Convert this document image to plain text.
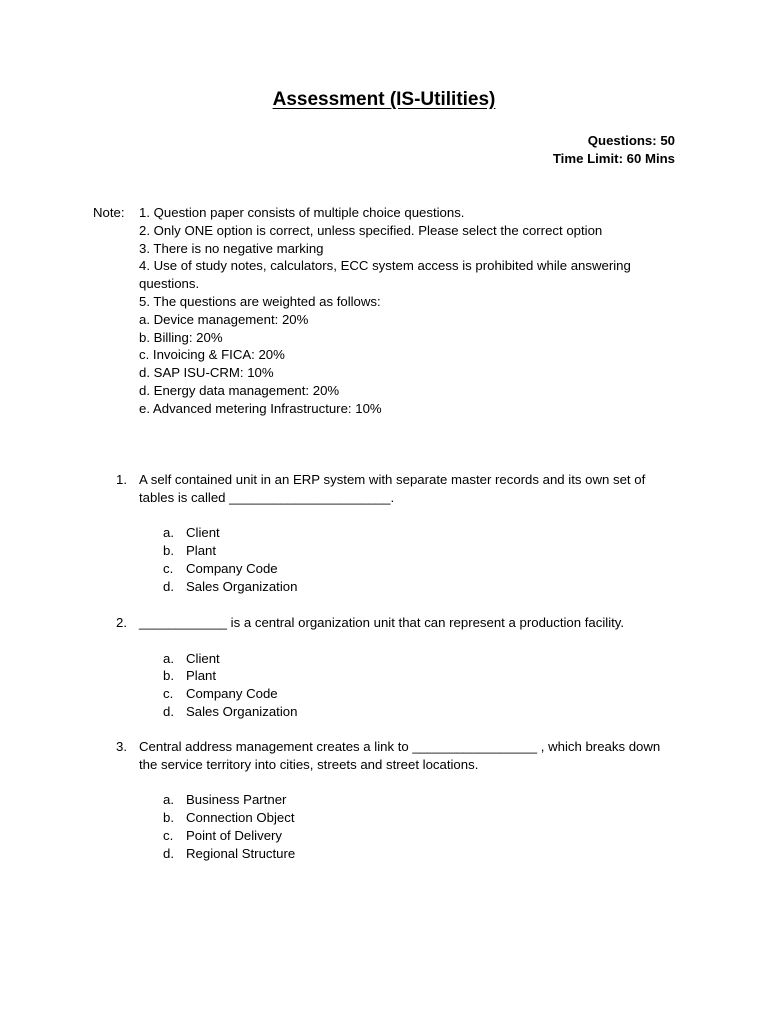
Assessment (IS-Utilities)
Questions: 50
Time Limit: 60 Mins
Note: 1. Question paper consists of multiple choice questions.
2. Only ONE option is correct, unless specified. Please select the correct option
3. There is no negative marking
4. Use of study notes, calculators, ECC system access is prohibited while answering
questions.
5. The questions are weighted as follows:
a. Device management: 20%
b. Billing: 20%
c. Invoicing & FICA: 20%
d. SAP ISU-CRM: 10%
d. Energy data management: 20%
e. Advanced metering Infrastructure: 10%
1. A self contained unit in an ERP system with separate master records and its own set of tables is called ______________________.
a. Client
b. Plant
c. Company Code
d. Sales Organization
2. ____________ is a central organization unit that can represent a production facility.
a. Client
b. Plant
c. Company Code
d. Sales Organization
3. Central address management creates a link to _________________ , which breaks down the service territory into cities, streets and street locations.
a. Business Partner
b. Connection Object
c. Point of Delivery
d. Regional Structure
